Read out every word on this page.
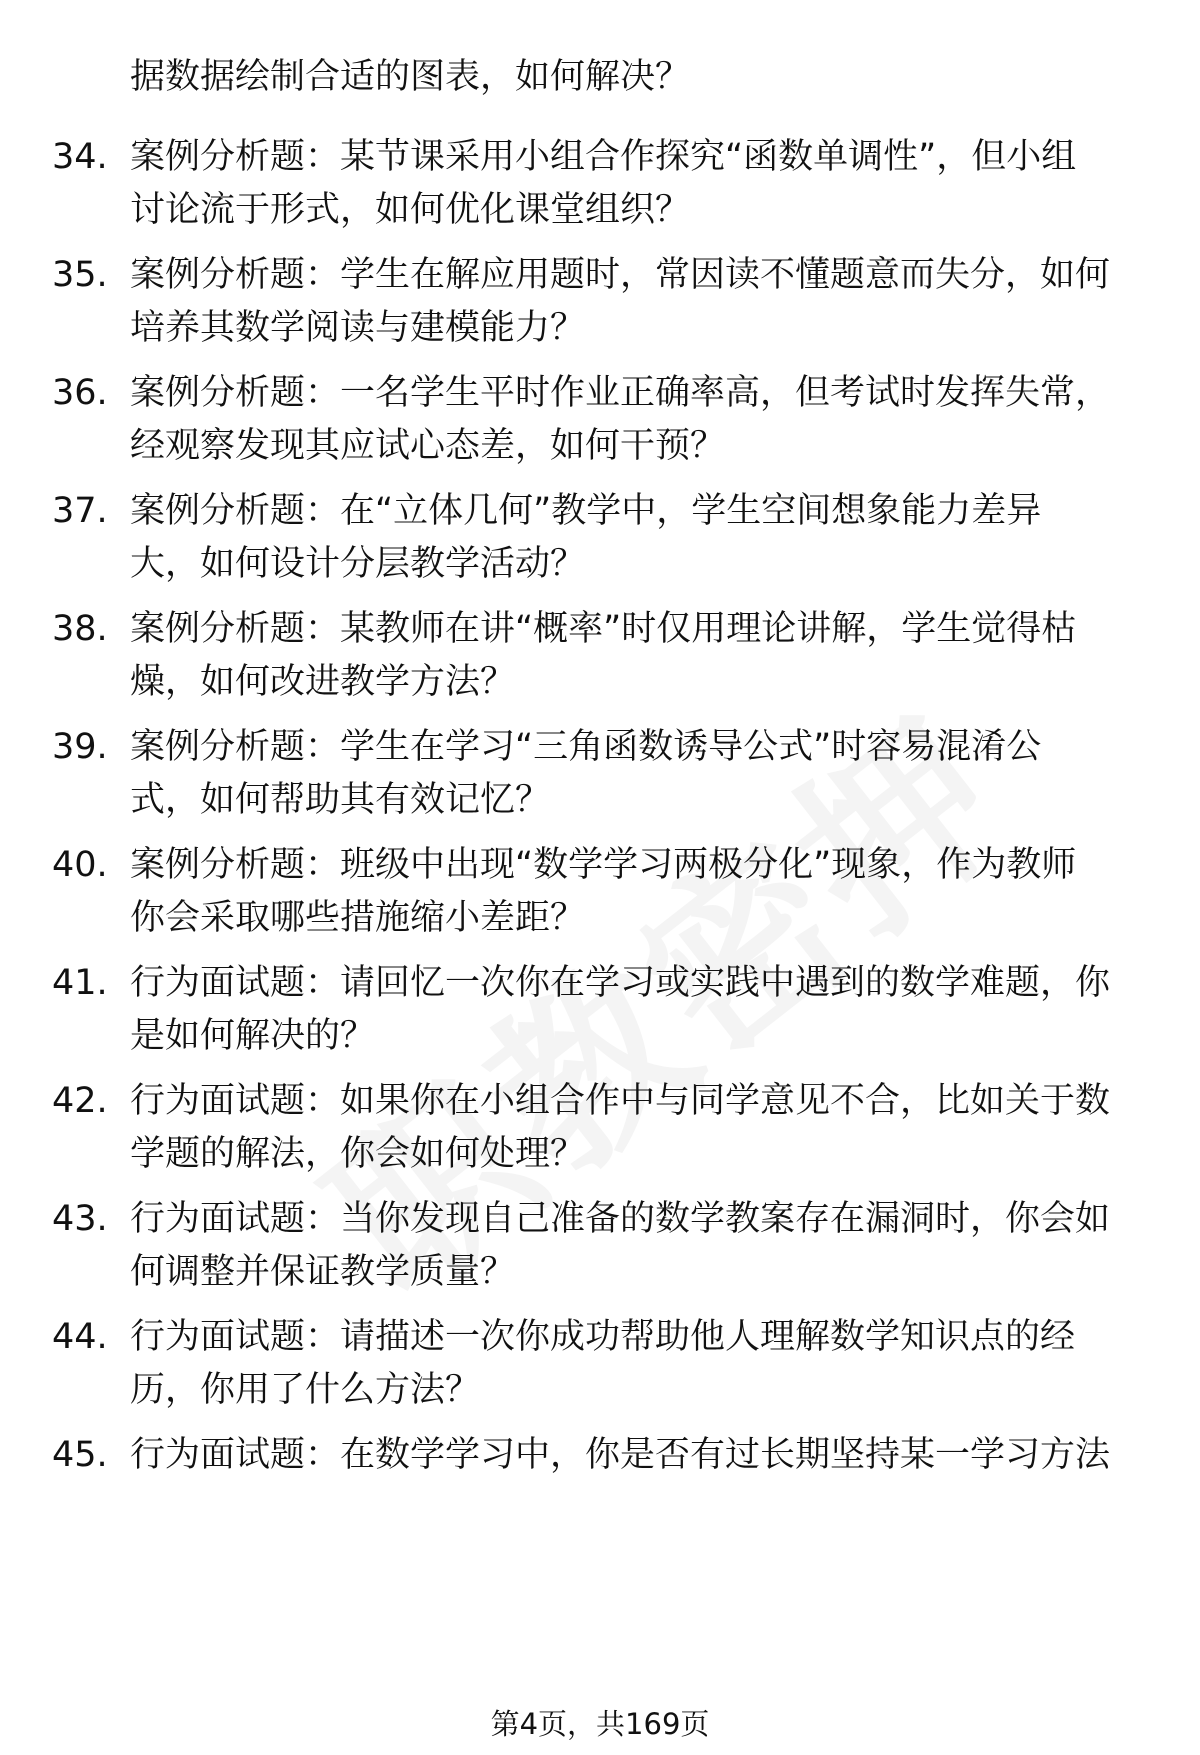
据数据绘制合适的图表，如何解决？
34. 案例分析题：某节课采用小组合作探究“函数单调性”，但小组
讨论流于形式，如何优化课堂组织？
35. 案例分析题：学生在解应用题时，常因读不懂题意而失分，如何
培养其数学阅读与建模能力？
36. 案例分析题：一名学生平时作业正确率高，但考试时发挥失常，
经观察发现其应试心态差，如何干预？
37. 案例分析题：在“立体几何”教学中，学生空间想象能力差异
大，如何设计分层教学活动？
38. 案例分析题：某教师在讲“概率”时仅用理论讲解，学生觉得枯
燥，如何改进教学方法？
39. 案例分析题：学生在学习“三角函数诱导公式”时容易混淆公
式，如何帮助其有效记忆？
40. 案例分析题：班级中出现“数学学习两极分化”现象，作为教师
你会采取哪些措施缩小差距？
41. 行为面试题：请回忆一次你在学习或实践中遇到的数学难题，你
是如何解决的？
42. 行为面试题：如果你在小组合作中与同学意见不合，比如关于数
学题的解法，你会如何处理？
43. 行为面试题：当你发现自己准备的数学教案存在漏洞时，你会如
何调整并保证教学质量？
44. 行为面试题：请描述一次你成功帮助他人理解数学知识点的经
历，你用了什么方法？
45. 行为面试题：在数学学习中，你是否有过长期坚持某一学习方法
第4页，共169页
